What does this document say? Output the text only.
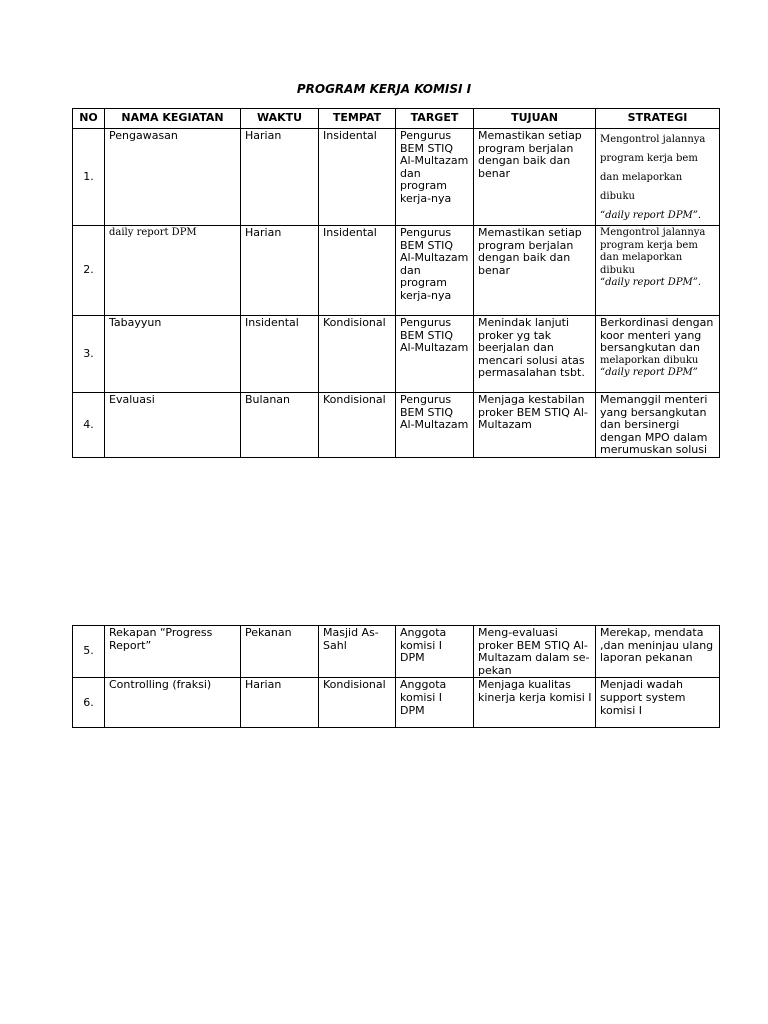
PROGRAM KERJA KOMISI I
NO	NAMA KEGIATAN	WAKTU	TEMPAT	TARGET	TUJUAN	STRATEGI
1.	Pengawasan	Harian	Insidental	Pengurus BEM STIQ Al-Multazam dan program kerja-nya	Memastikan setiap program berjalan dengan baik dan benar	Mengontrol jalannya program kerja bem dan melaporkan dibuku
“daily report DPM”.

2.	daily report DPM	Harian	Insidental	Pengurus BEM STIQ Al-Multazam dan program kerja-nya	Memastikan setiap program berjalan dengan baik dan benar	Mengontrol jalannya program kerja bem dan melaporkan dibuku
“daily report DPM”.

3.	Tabayyun	Insidental	Kondisional	Pengurus BEM STIQ Al-Multazam	Menindak lanjuti proker yg tak beerjalan dan mencari solusi atas permasalahan tsbt.	Berkordinasi dengan koor menteri yang bersangkutan dan
melaporkan dibuku
“daily report DPM”

4.	Evaluasi	Bulanan	Kondisional	Pengurus BEM STIQ Al-Multazam	Menjaga kestabilan proker BEM STIQ Al-Multazam	Memanggil menteri yang bersangkutan dan bersinergi dengan MPO dalam merumuskan solusi
5.	Rekapan “Progress Report”	Pekanan	Masjid As-Sahl	Anggota komisi I DPM	Meng-evaluasi proker BEM STIQ Al-Multazam dalam se-pekan	Merekap, mendata ,dan meninjau ulang laporan pekanan
6.	Controlling (fraksi)	Harian	Kondisional	Anggota komisi I DPM	Menjaga kualitas kinerja kerja komisi I	Menjadi wadah support system komisi I
